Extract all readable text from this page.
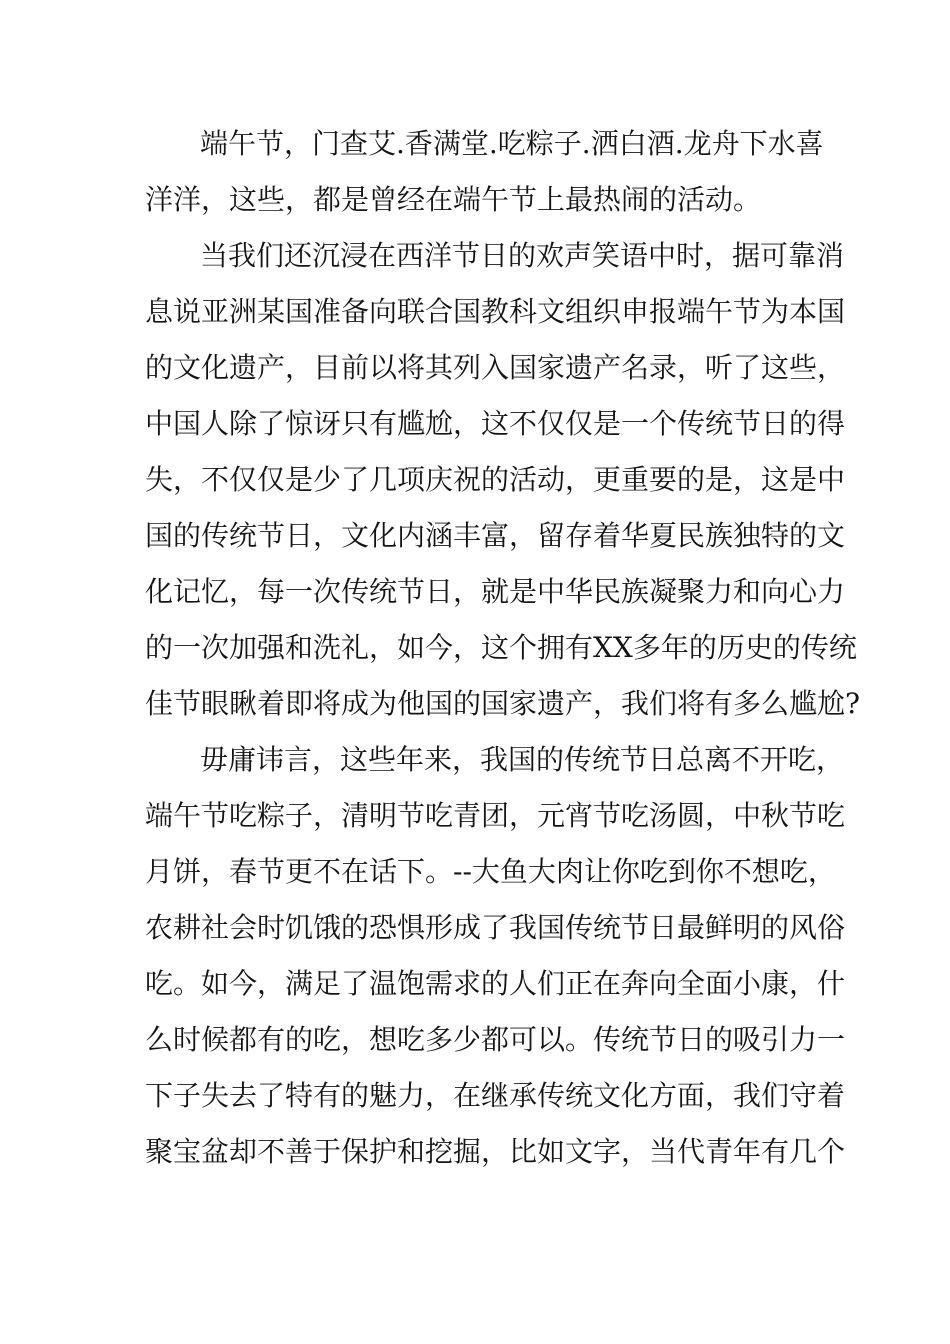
端午节，门查艾.香满堂.吃粽子.洒白酒.龙舟下水喜
洋洋，这些，都是曾经在端午节上最热闹的活动。
当我们还沉浸在西洋节日的欢声笑语中时，据可靠消
息说亚洲某国准备向联合国教科文组织申报端午节为本国
的文化遗产，目前以将其列入国家遗产名录，听了这些，
中国人除了惊讶只有尴尬，这不仅仅是一个传统节日的得
失，不仅仅是少了几项庆祝的活动，更重要的是，这是中
国的传统节日，文化内涵丰富，留存着华夏民族独特的文
化记忆，每一次传统节日，就是中华民族凝聚力和向心力
的一次加强和洗礼，如今，这个拥有XX多年的历史的传统
佳节眼瞅着即将成为他国的国家遗产，我们将有多么尴尬?
毋庸讳言，这些年来，我国的传统节日总离不开吃，
端午节吃粽子，清明节吃青团，元宵节吃汤圆，中秋节吃
月饼，春节更不在话下。--大鱼大肉让你吃到你不想吃，
农耕社会时饥饿的恐惧形成了我国传统节日最鲜明的风俗
吃。如今，满足了温饱需求的人们正在奔向全面小康，什
么时候都有的吃，想吃多少都可以。传统节日的吸引力一
下子失去了特有的魅力，在继承传统文化方面，我们守着
聚宝盆却不善于保护和挖掘，比如文字，当代青年有几个
